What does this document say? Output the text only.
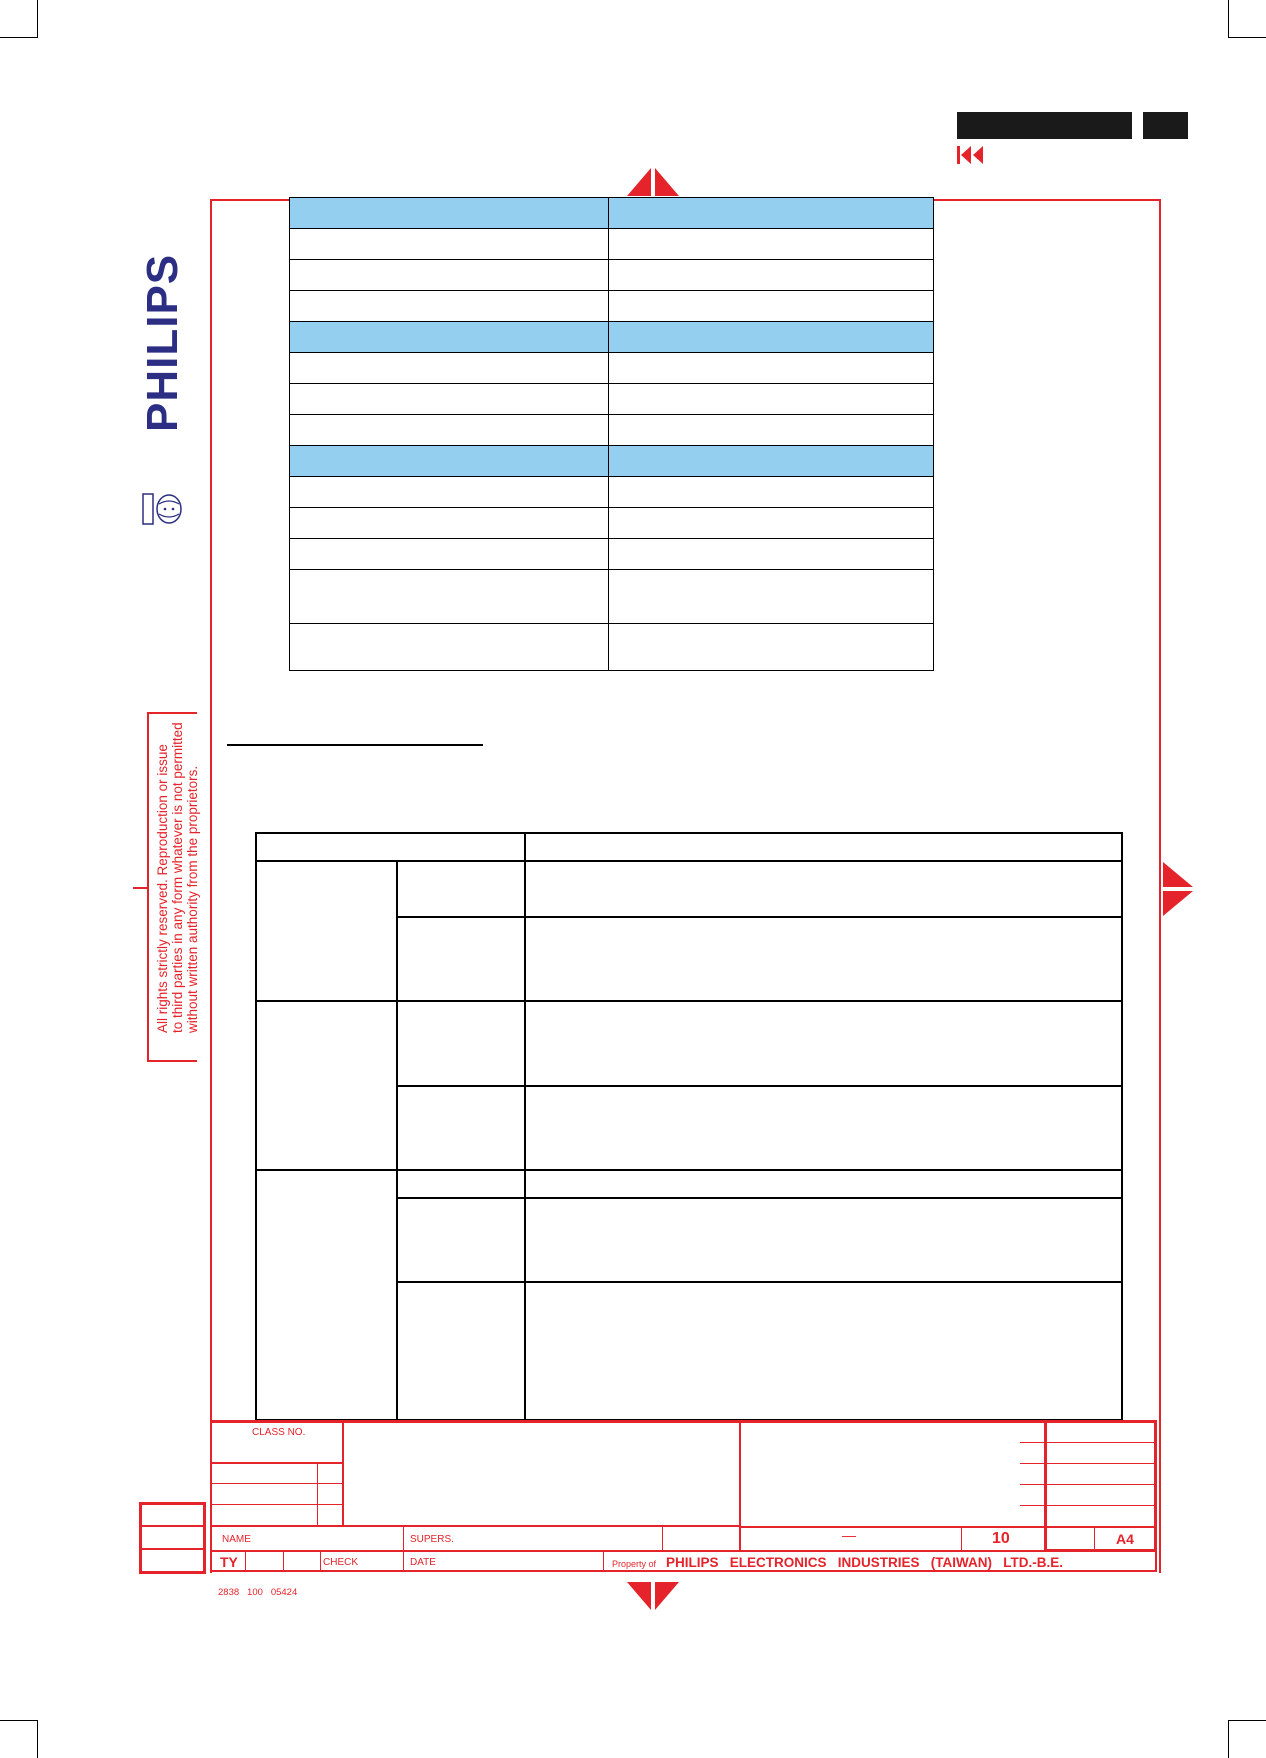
PHILIPS
All rights strictly reserved. Reproduction or issue to third parties in any form whatever is not permitted without written authority from the proprietors.

CLASS NO.
NAME	SUPERS.	—	10	A4
TY	CHECK	DATE	Property of PHILIPS   ELECTRONICS   INDUSTRIES   (TAIWAN)   LTD.-B.E.
2838   100   05424
